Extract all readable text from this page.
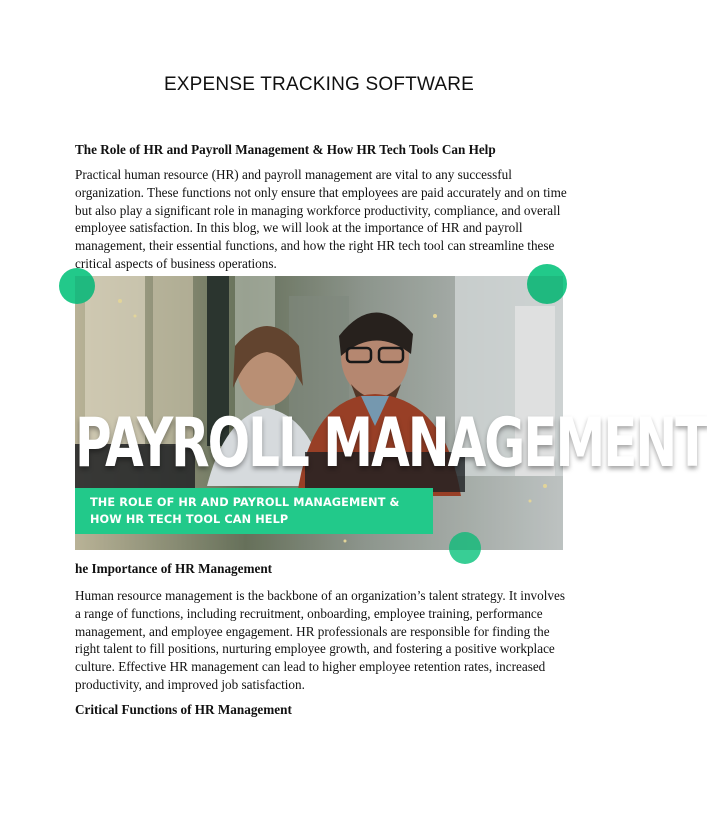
EXPENSE TRACKING SOFTWARE
The Role of HR and Payroll Management & How HR Tech Tools Can Help
Practical human resource (HR) and payroll management are vital to any successful organization. These functions not only ensure that employees are paid accurately and on time but also play a significant role in managing workforce productivity, compliance, and overall employee satisfaction. In this blog, we will look at the importance of HR and payroll management, their essential functions, and how the right HR tech tool can streamline these critical aspects of business operations.
PAYROLL MANAGEMENT
THE ROLE OF HR AND PAYROLL MANAGEMENT &
HOW HR TECH TOOL CAN HELP
he Importance of HR Management
Human resource management is the backbone of an organization’s talent strategy. It involves a range of functions, including recruitment, onboarding, employee training, performance management, and employee engagement. HR professionals are responsible for finding the right talent to fill positions, nurturing employee growth, and fostering a positive workplace culture. Effective HR management can lead to higher employee retention rates, increased productivity, and improved job satisfaction.
Critical Functions of HR Management
